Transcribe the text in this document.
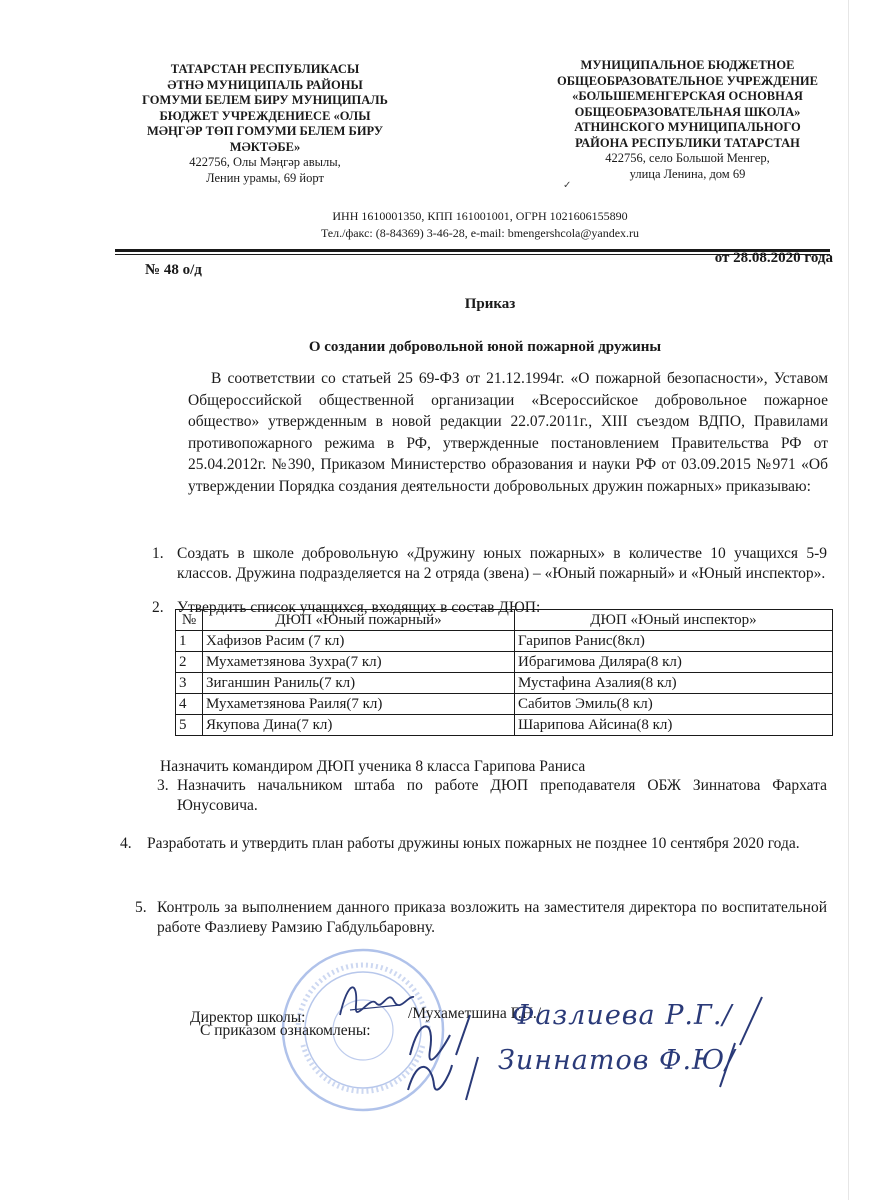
ТАТАРСТАН РЕСПУБЛИКАСЫ
ӘТНӘ МУНИЦИПАЛЬ РАЙОНЫ
ГОМУМИ БЕЛЕМ БИРУ МУНИЦИПАЛЬ
БЮДЖЕТ УЧРЕЖДЕНИЕСЕ «ОЛЫ
МӘҢГӘР ТӨП ГОМУМИ БЕЛЕМ БИРУ
МӘКТӘБЕ»
422756, Олы Мәңгәр авылы,
Ленин урамы, 69 йорт
МУНИЦИПАЛЬНОЕ БЮДЖЕТНОЕ
ОБЩЕОБРАЗОВАТЕЛЬНОЕ УЧРЕЖДЕНИЕ
«БОЛЬШЕМЕНГЕРСКАЯ ОСНОВНАЯ
ОБЩЕОБРАЗОВАТЕЛЬНАЯ ШКОЛА»
АТНИНСКОГО МУНИЦИПАЛЬНОГО
РАЙОНА РЕСПУБЛИКИ ТАТАРСТАН
422756, село Большой Менгер,
улица Ленина, дом 69
✓
ИНН 1610001350, КПП 161001001, ОГРН 1021606155890
Тел./факс: (8-84369) 3-46-28, e-mail: bmengershcola@yandex.ru
№ 48 о/д
от 28.08.2020 года
Приказ
О создании добровольной юной пожарной дружины

В соответствии со статьей 25 69-ФЗ от 21.12.1994г. «О пожарной безопасности», Уставом Общероссийской общественной организации «Всероссийское добровольное пожарное общество» утвержденным в новой редакции 22.07.2011г., XIII съездом ВДПО, Правилами противопожарного режима в РФ, утвержденные постановлением Правительства РФ от 25.04.2012г. №390, Приказом Министерство образования и науки РФ от 03.09.2015 №971 «Об утверждении Порядка создания деятельности добровольных дружин пожарных» приказываю:

1. Создать в школе добровольную «Дружину юных пожарных» в количестве 10 учащихся 5-9 классов. Дружина подразделяется на 2 отряда (звена) – «Юный пожарный» и «Юный инспектор».
2. Утвердить список учащихся, входящих в состав ДЮП:
№	ДЮП «Юный пожарный»	ДЮП «Юный инспектор»
1	Хафизов Расим (7 кл)	Гарипов Ранис(8кл)
2	Мухаметзянова Зухра(7 кл)	Ибрагимова Диляра(8 кл)
3	Зиганшин Раниль(7 кл)	Мустафина Азалия(8 кл)
4	Мухаметзянова Раиля(7 кл)	Сабитов Эмиль(8 кл)
5	Якупова Дина(7 кл)	Шарипова Айсина(8 кл)
Назначить командиром ДЮП ученика 8 класса Гарипова Раниса
3. Назначить начальником штаба по работе ДЮП преподавателя ОБЖ Зиннатова Фархата Юнусовича.
4. Разработать и утвердить план работы дружины юных пожарных не позднее 10 сентября 2020 года.
5. Контроль за выполнением данного приказа возложить на заместителя директора по воспитательной работе Фазлиеву Рамзию Габдульбаровну.
Директор школы:	/Мухаметшина Г.Н./
С приказом ознакомлены:	Фазлиева Р.Г./
Зиннатов Ф.Ю/
